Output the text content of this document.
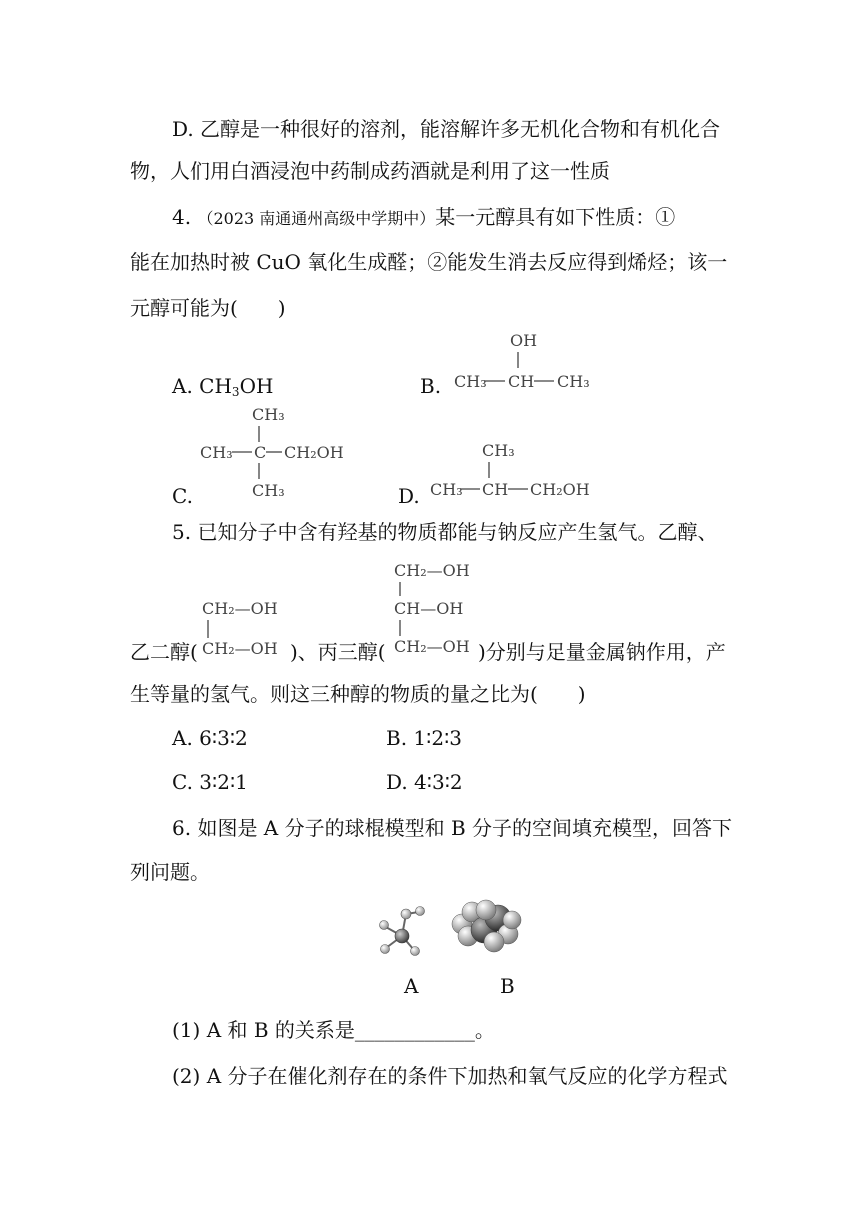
D. 乙醇是一种很好的溶剂，能溶解许多无机化合物和有机化合
物，人们用白酒浸泡中药制成药酒就是利用了这一性质
4. （2023 南通通州高级中学期中）某一元醇具有如下性质：①
能在加热时被 CuO 氧化生成醛；②能发生消去反应得到烯烃；该一
元醇可能为(　　)
A. $CH_3OH$	B.
OH
CH₃ CH CH₃
C.
CH₃
CH₃ C CH₂OH
CH₃	D.
CH₃
CH₃ CH CH₂OH
5. 已知分子中含有羟基的物质都能与钠反应产生氢气。乙醇、
CH₂—OH
CH₂—OH
CH₂—OH
CH—OH
CH₂—OH
乙二醇(	)、丙三醇(	)分别与足量金属钠作用，产
生等量的氢气。则这三种醇的物质的量之比为(　　)
A. 6∶3∶2	B. 1∶2∶3
C. 3∶2∶1	D. 4∶3∶2
6. 如图是 A 分子的球棍模型和 B 分子的空间填充模型，回答下
列问题。
A	B
(1) A 和 B 的关系是____________。
(2) A 分子在催化剂存在的条件下加热和氧气反应的化学方程式
